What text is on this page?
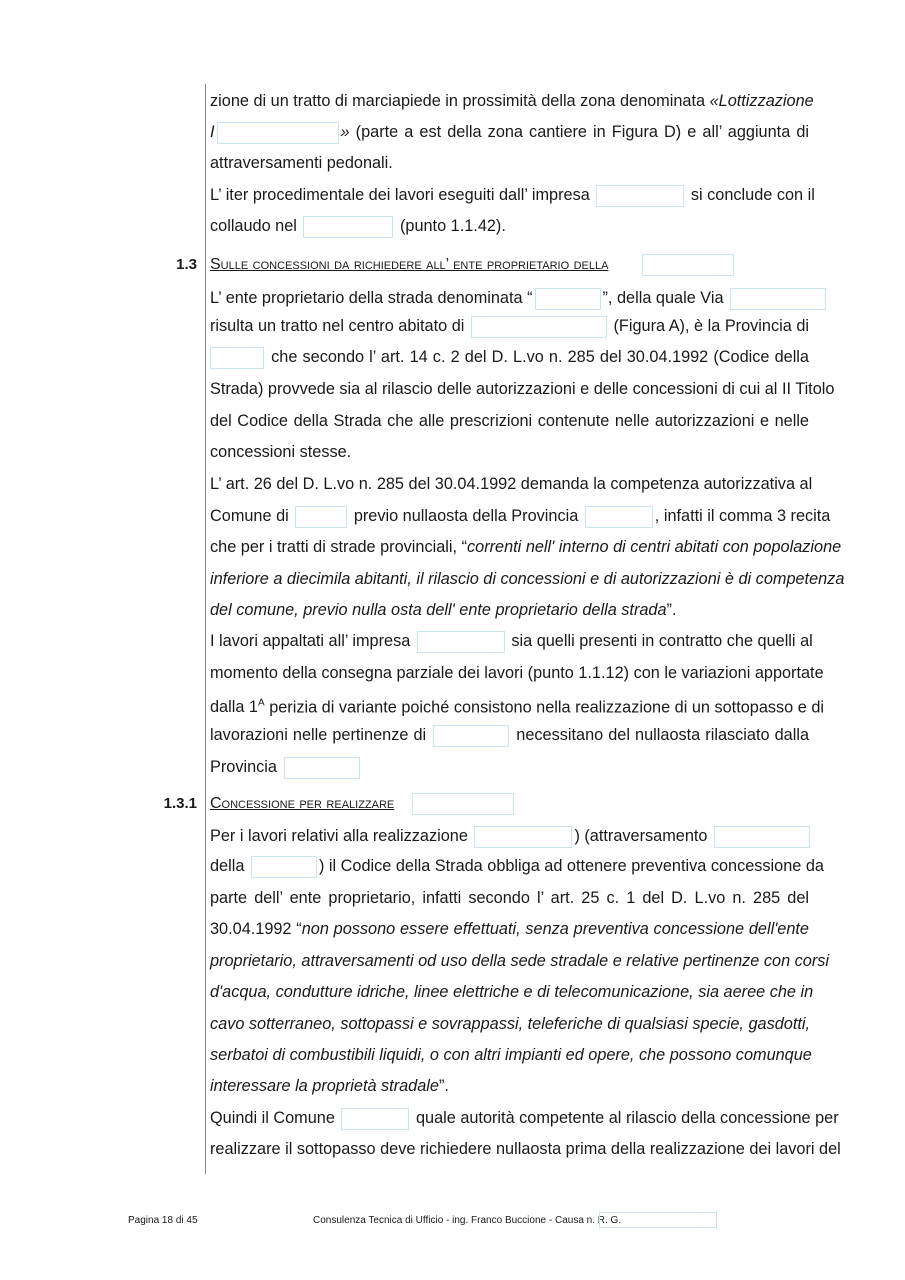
zione di un tratto di marciapiede in prossimità della zona denominata «Lottizzazione
I	» (parte a est della zona cantiere in Figura D) e all’ aggiunta di
attraversamenti pedonali.
L’ iter procedimentale dei lavori eseguiti dall’ impresa	si conclude con il
collaudo nel	(punto 1.1.42).
1.3 Sulle concessioni da richiedere all’ ente proprietario della
L’ ente proprietario della strada denominata “	”, della quale Via
risulta un tratto nel centro abitato di	(Figura A), è la Provincia di
che secondo l’ art. 14 c. 2 del D. L.vo n. 285 del 30.04.1992 (Codice della
Strada) provvede sia al rilascio delle autorizzazioni e delle concessioni di cui al II Titolo
del Codice della Strada che alle prescrizioni contenute nelle autorizzazioni e nelle
concessioni stesse.
L’ art. 26 del D. L.vo n. 285 del 30.04.1992 demanda la competenza autorizzativa al
Comune di	previo nullaosta della Provincia	, infatti il comma 3 recita
che per i tratti di strade provinciali, “correnti nell' interno di centri abitati con popolazione
inferiore a diecimila abitanti, il rilascio di concessioni e di autorizzazioni è di competenza
del comune, previo nulla osta dell' ente proprietario della strada”.
I lavori appaltati all’ impresa	sia quelli presenti in contratto che quelli al
momento della consegna parziale dei lavori (punto 1.1.12) con le variazioni apportate
dalla $1^A$ perizia di variante poiché consistono nella realizzazione di un sottopasso e di
lavorazioni nelle pertinenze di	necessitano del nullaosta rilasciato dalla
Provincia
1.3.1 Concessione per realizzare
Per i lavori relativi alla realizzazione	) (attraversamento
della	) il Codice della Strada obbliga ad ottenere preventiva concessione da
parte dell’ ente proprietario, infatti secondo l’ art. 25 c. 1 del D. L.vo n. 285 del
30.04.1992 “non possono essere effettuati, senza preventiva concessione dell'ente
proprietario, attraversamenti od uso della sede stradale e relative pertinenze con corsi
d'acqua, condutture idriche, linee elettriche e di telecomunicazione, sia aeree che in
cavo sotterraneo, sottopassi e sovrappassi, teleferiche di qualsiasi specie, gasdotti,
serbatoi di combustibili liquidi, o con altri impianti ed opere, che possono comunque
interessare la proprietà stradale”.
Quindi il Comune	quale autorità competente al rilascio della concessione per
realizzare il sottopasso deve richiedere nullaosta prima della realizzazione dei lavori del
Pagina 18 di 45	Consulenza Tecnica di Ufficio - ing. Franco Buccione - Causa n. R. G.
